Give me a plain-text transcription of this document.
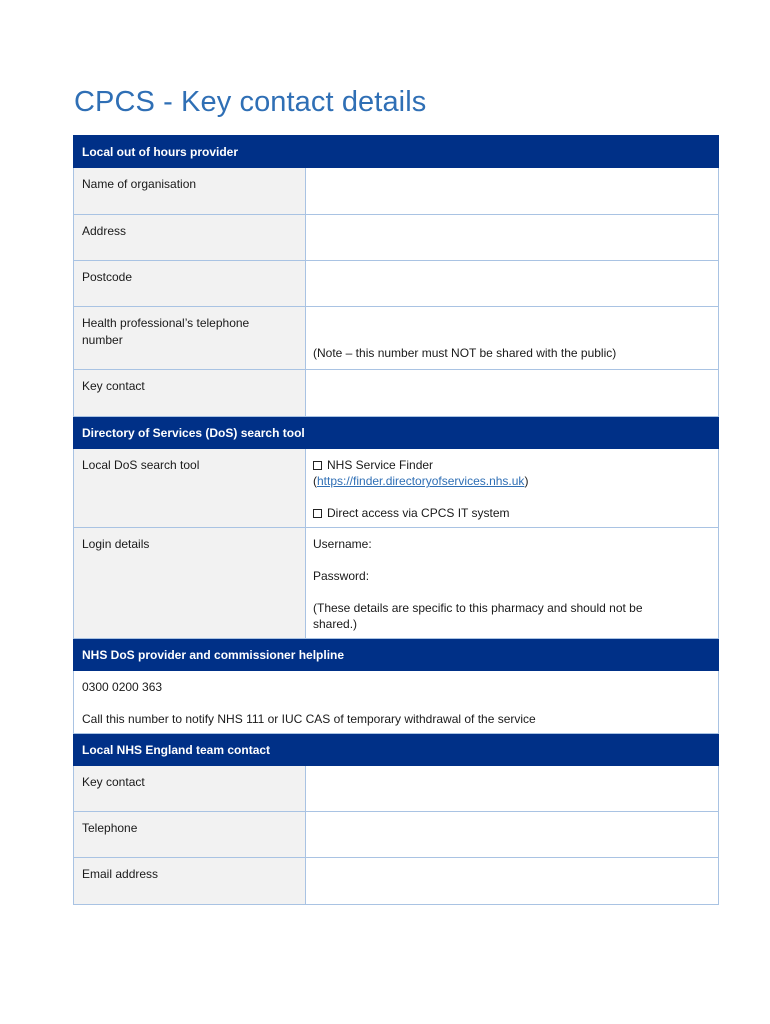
CPCS - Key contact details
Local out of hours provider	

Name of organisation	

Address	

Postcode	

Health professional’s telephone number	(Note – this number must NOT be shared with the public)

Key contact	

Directory of Services (DoS) search tool	

Local DoS search tool	NHS Service Finder
(https://finder.directoryofservices.nhs.uk)

Direct access via CPCS IT system

Login details	Username:

Password:

(These details are specific to this pharmacy and should not be shared.)

NHS DoS provider and commissioner helpline	

0300 0200 363

Call this number to notify NHS 111 or IUC CAS of temporary withdrawal of the service	

Local NHS England team contact	

Key contact	

Telephone	

Email address	
